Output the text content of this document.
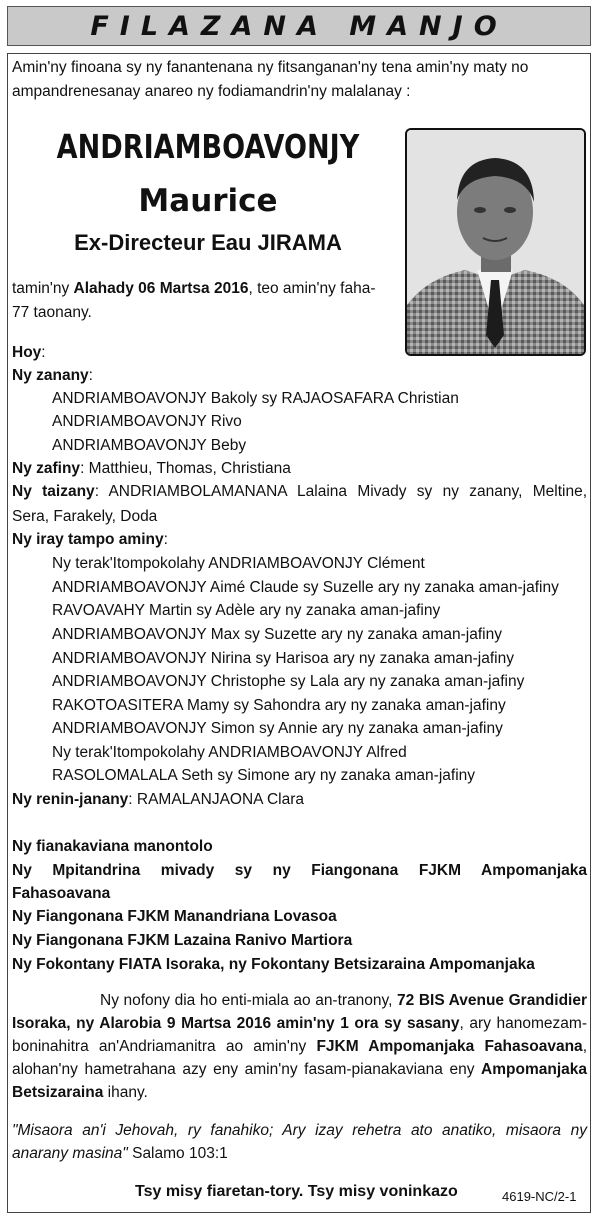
FILAZANA MANJO
Amin'ny finoana sy ny fanantenana ny fitsanganan'ny tena amin'ny maty no
ampandrenesanay anareo ny fodiamandrin'ny malalanay :
ANDRIAMBOAVONJY
Maurice
Ex-Directeur Eau JIRAMA
tamin'ny Alahady 06 Martsa 2016, teo amin'ny faha-
77 taonany.
Hoy:
Ny zanany:
ANDRIAMBOAVONJY Bakoly sy RAJAOSAFARA Christian
ANDRIAMBOAVONJY Rivo
ANDRIAMBOAVONJY Beby
Ny zafiny: Matthieu, Thomas, Christiana
Ny taizany: ANDRIAMBOLAMANANA Lalaina Mivady sy ny zanany, Meltine,
Sera, Farakely, Doda
Ny iray tampo aminy:
Ny terak'Itompokolahy ANDRIAMBOAVONJY Clément
ANDRIAMBOAVONJY Aimé Claude sy Suzelle ary ny zanaka aman-jafiny
RAVOAVAHY Martin sy Adèle ary ny zanaka aman-jafiny
ANDRIAMBOAVONJY Max sy Suzette ary ny zanaka aman-jafiny
ANDRIAMBOAVONJY Nirina sy Harisoa ary ny zanaka aman-jafiny
ANDRIAMBOAVONJY Christophe sy Lala ary ny zanaka aman-jafiny
RAKOTOASITERA Mamy sy Sahondra ary ny zanaka aman-jafiny
ANDRIAMBOAVONJY Simon sy Annie ary ny zanaka aman-jafiny
Ny terak'Itompokolahy ANDRIAMBOAVONJY Alfred
RASOLOMALALA Seth sy Simone ary ny zanaka aman-jafiny
Ny renin-janany: RAMALANJAONA Clara
Ny fianakaviana manontolo
Ny Mpitandrina mivady sy ny Fiangonana FJKM Ampomanjaka
Fahasoavana
Ny Fiangonana FJKM Manandriana Lovasoa
Ny Fiangonana FJKM Lazaina Ranivo Martiora
Ny Fokontany FIATA Isoraka, ny Fokontany Betsizaraina Ampomanjaka
Ny nofony dia ho enti-miala ao an-tranony, 72 BIS Avenue Grandidier Isoraka, ny Alarobia 9 Martsa 2016 amin'ny 1 ora sy sasany, ary hanomezam-boninahitra an'Andriamanitra ao amin'ny FJKM Ampomanjaka Fahasoavana, alohan'ny hametrahana azy eny amin'ny fasam-pianakaviana eny Ampomanjaka Betsizaraina ihany.
"Misaora an'i Jehovah, ry fanahiko; Ary izay rehetra ato anatiko, misaora ny anarany masina" Salamo 103:1
Tsy misy fiaretan-tory. Tsy misy voninkazo	4619-NC/2-1
